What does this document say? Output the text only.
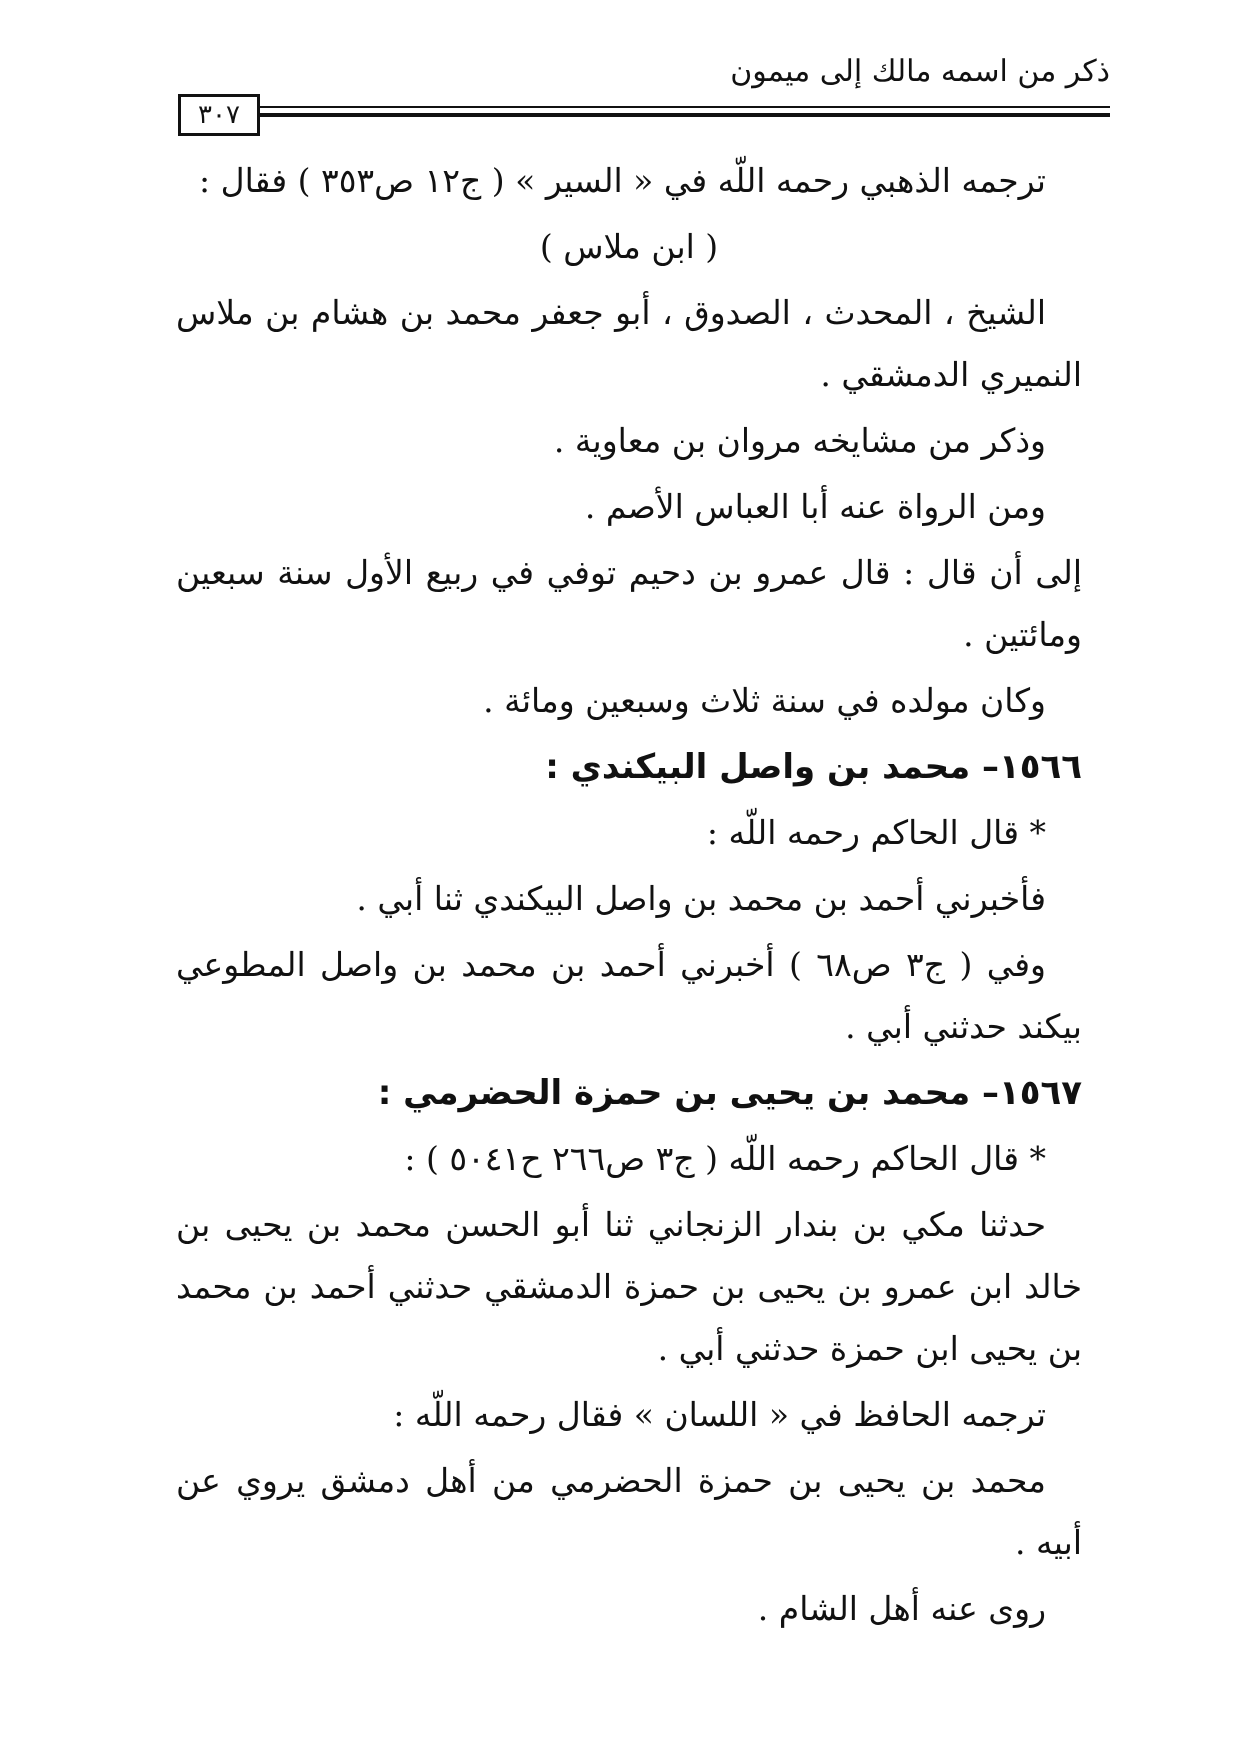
ذكر من اسمه مالك إلى ميمون
٣٠٧

ترجمه الذهبي رحمه اللّه في « السير » ( ج١٢ ص٣٥٣ ) فقال :

( ابن ملاس )

الشيخ ، المحدث ، الصدوق ، أبو جعفر محمد بن هشام بن ملاس النميري الدمشقي .

وذكر من مشايخه مروان بن معاوية .

ومن الرواة عنه أبا العباس الأصم .

إلى أن قال : قال عمرو بن دحيم توفي في ربيع الأول سنة سبعين ومائتين .

وكان مولده في سنة ثلاث وسبعين ومائة .

١٥٦٦– محمد بن واصل البيكندي :

* قال الحاكم رحمه اللّه :

فأخبرني أحمد بن محمد بن واصل البيكندي ثنا أبي .

وفي ( ج٣ ص٦٨ ) أخبرني أحمد بن محمد بن واصل المطوعي بيكند حدثني أبي .

١٥٦٧– محمد بن يحيى بن حمزة الحضرمي :

* قال الحاكم رحمه اللّه ( ج٣ ص٢٦٦ ح٥٠٤١ ) :

حدثنا مكي بن بندار الزنجاني ثنا أبو الحسن محمد بن يحيى بن خالد ابن عمرو بن يحيى بن حمزة الدمشقي حدثني أحمد بن محمد بن يحيى ابن حمزة حدثني أبي .

ترجمه الحافظ في « اللسان » فقال رحمه اللّه :

محمد بن يحيى بن حمزة الحضرمي من أهل دمشق يروي عن أبيه .

روى عنه أهل الشام .
